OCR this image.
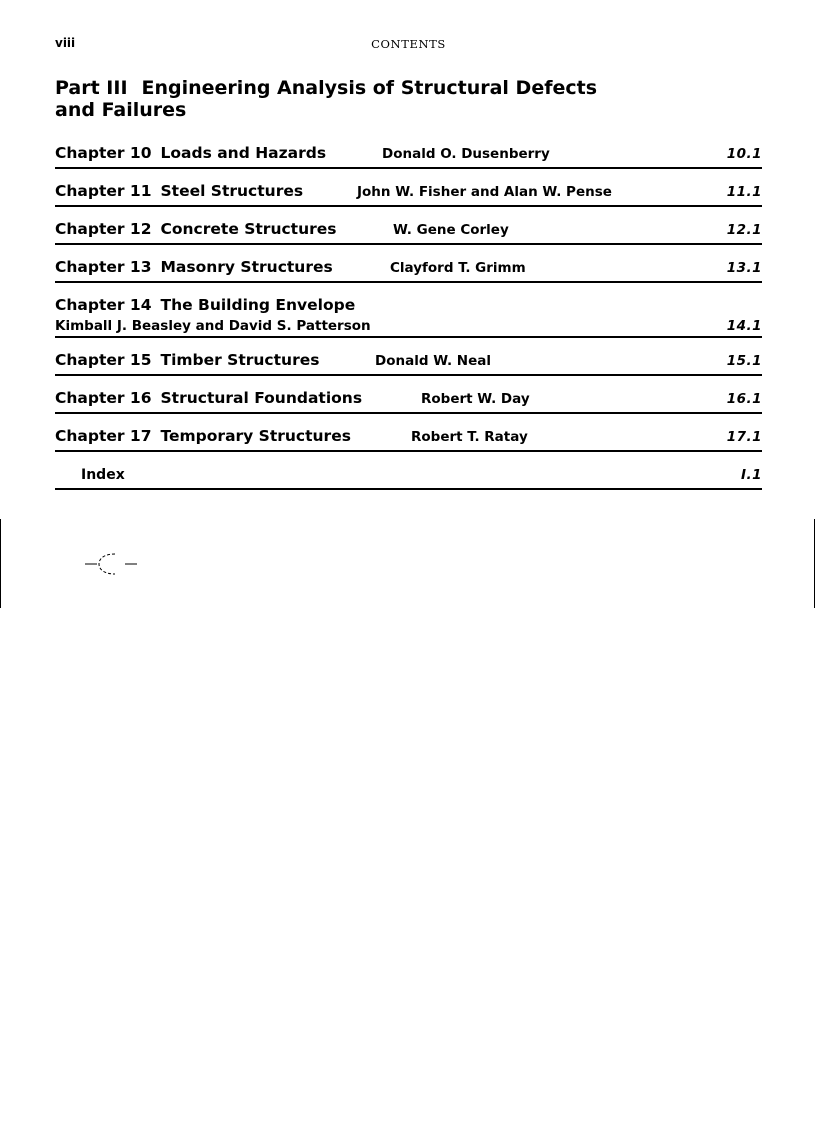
viii	CONTENTS
Part III Engineering Analysis of Structural Defects
and Failures
Chapter 10 Loads and Hazards	Donald O. Dusenberry	10.1
Chapter 11 Steel Structures	John W. Fisher and Alan W. Pense	11.1
Chapter 12 Concrete Structures	W. Gene Corley	12.1
Chapter 13 Masonry Structures	Clayford T. Grimm	13.1
Chapter 14 The Building Envelope
Kimball J. Beasley and David S. Patterson	14.1
Chapter 15 Timber Structures	Donald W. Neal	15.1
Chapter 16 Structural Foundations	Robert W. Day	16.1
Chapter 17 Temporary Structures	Robert T. Ratay	17.1
Index	I.1
